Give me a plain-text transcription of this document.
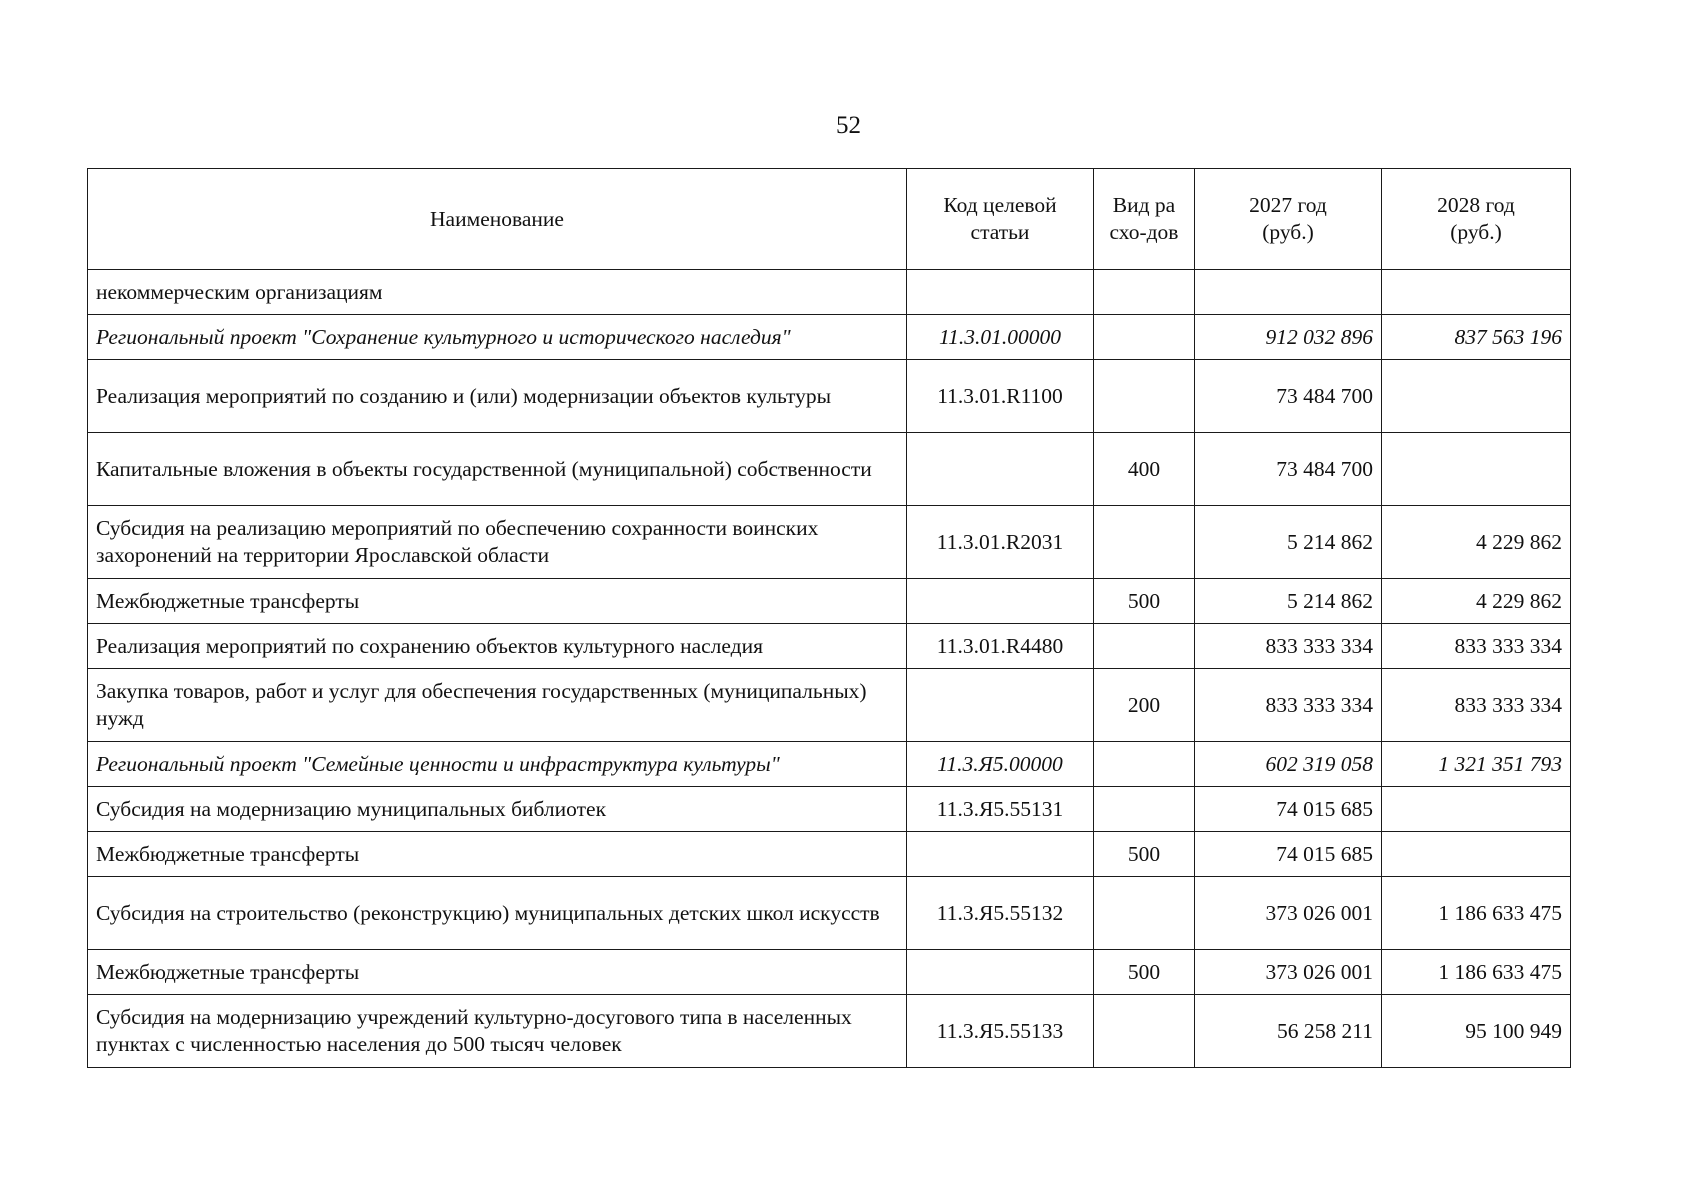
52
Наименование	Код целевой статьи	Вид расхо-дов	2027 год (руб.)	2028 год (руб.)
некоммерческим организациям				
Региональный проект "Сохранение культурного и исторического наследия"	11.3.01.00000		912 032 896	837 563 196
Реализация мероприятий по созданию и (или) модернизации объектов культуры	11.3.01.R1100		73 484 700	
Капитальные вложения в объекты государственной (муниципальной) собственности		400	73 484 700	
Субсидия на реализацию мероприятий по обеспечению сохранности воинских захоронений на территории Ярославской области	11.3.01.R2031		5 214 862	4 229 862
Межбюджетные трансферты		500	5 214 862	4 229 862
Реализация мероприятий по сохранению объектов культурного наследия	11.3.01.R4480		833 333 334	833 333 334
Закупка товаров, работ и услуг для обеспечения государственных (муниципальных) нужд		200	833 333 334	833 333 334
Региональный проект "Семейные ценности и инфраструктура культуры"	11.3.Я5.00000		602 319 058	1 321 351 793
Субсидия на модернизацию муниципальных библиотек	11.3.Я5.55131		74 015 685	
Межбюджетные трансферты		500	74 015 685	
Субсидия на строительство (реконструкцию) муниципальных детских школ искусств	11.3.Я5.55132		373 026 001	1 186 633 475
Межбюджетные трансферты		500	373 026 001	1 186 633 475
Субсидия на модернизацию учреждений культурно-досугового типа в населенных пунктах с численностью населения до 500 тысяч человек	11.3.Я5.55133		56 258 211	95 100 949
